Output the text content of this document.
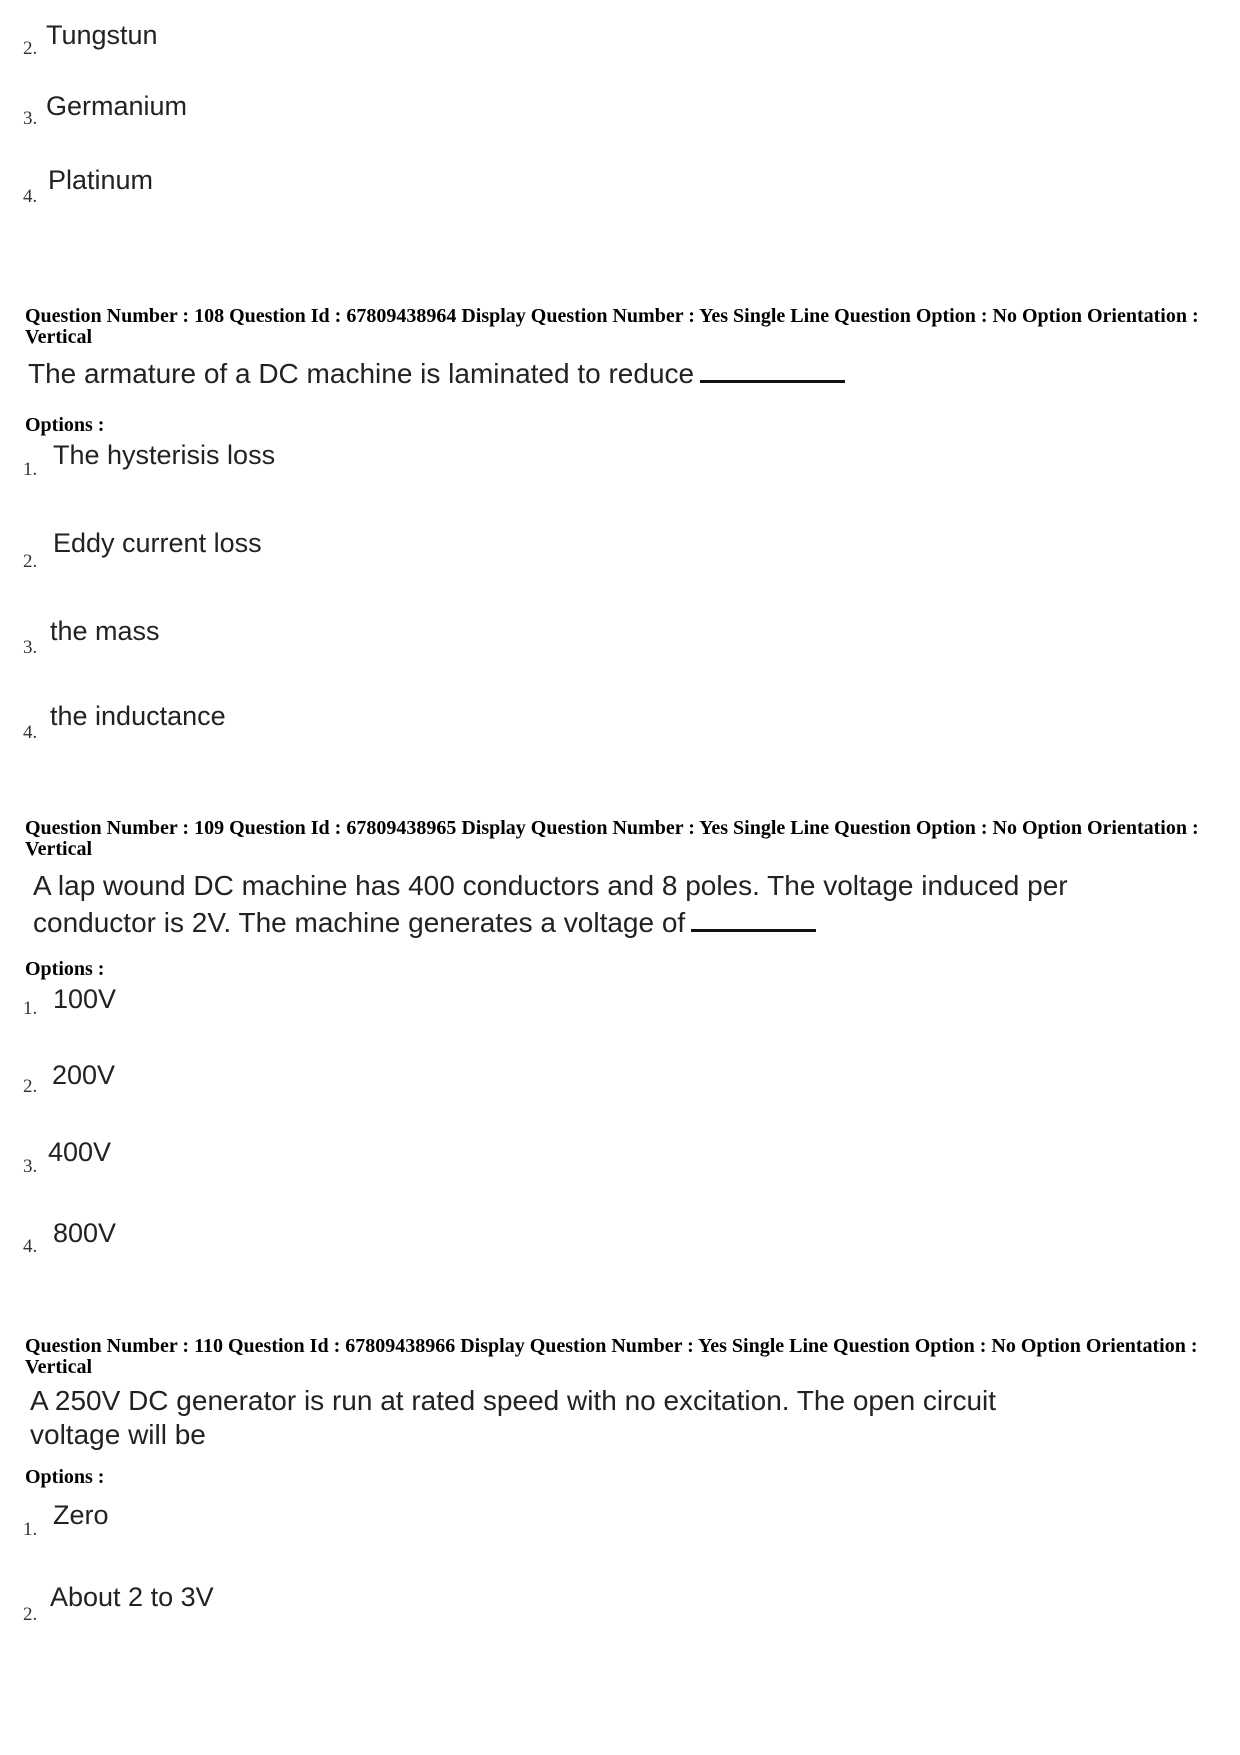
2. Tungstun
3. Germanium
4.
Platinum
Question Number : 108 Question Id : 67809438964 Display Question Number : Yes Single Line Question Option : No Option Orientation : Vertical
The armature of a DC machine is laminated to reduce
Options :
1. The hysterisis loss
2.
Eddy current loss
3.
the mass
4.
the inductance
Question Number : 109 Question Id : 67809438965 Display Question Number : Yes Single Line Question Option : No Option Orientation : Vertical
A lap wound DC machine has 400 conductors and 8 poles. The voltage induced per
conductor is 2V. The machine generates a voltage of
Options :
1. 100V
2. 200V
3. 400V
4. 800V
Question Number : 110 Question Id : 67809438966 Display Question Number : Yes Single Line Question Option : No Option Orientation : Vertical
A 250V DC generator is run at rated speed with no excitation. The open circuit
voltage will be
Options :
1. Zero
2.
About 2 to 3V
